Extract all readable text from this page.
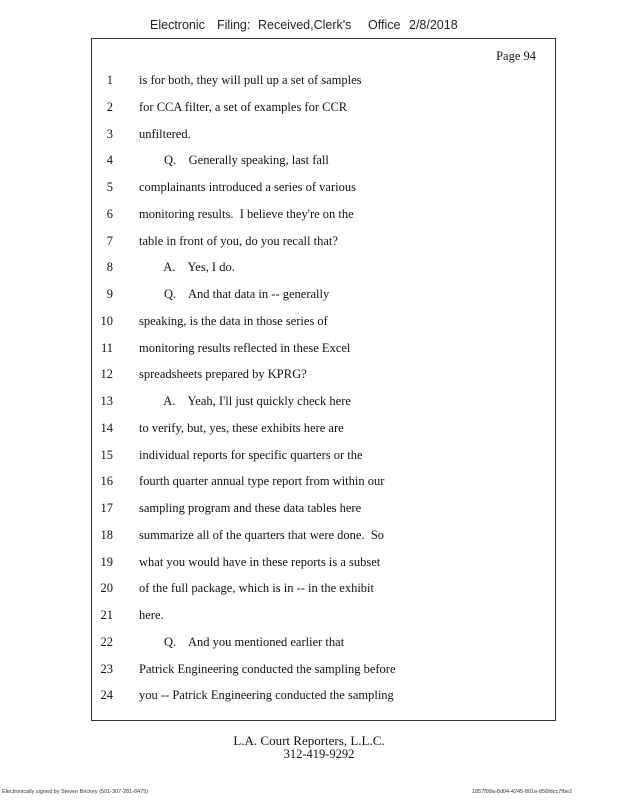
Electronic Filing: Received,Clerk's Office 2/8/2018
Page 94
1 is for both, they will pull up a set of samples
2 for CCA filter, a set of examples for CCR
3 unfiltered.
4 Q.    Generally speaking, last fall
5 complainants introduced a series of various
6 monitoring results.  I believe they're on the
7 table in front of you, do you recall that?
8 A.    Yes, I do.
9 Q.    And that data in -- generally
10 speaking, is the data in those series of
11 monitoring results reflected in these Excel
12 spreadsheets prepared by KPRG?
13 A.    Yeah, I'll just quickly check here
14 to verify, but, yes, these exhibits here are
15 individual reports for specific quarters or the
16 fourth quarter annual type report from within our
17 sampling program and these data tables here
18 summarize all of the quarters that were done.  So
19 what you would have in these reports is a subset
20 of the full package, which is in -- in the exhibit
21 here.
22 Q.    And you mentioned earlier that
23 Patrick Engineering conducted the sampling before
24 you -- Patrick Engineering conducted the sampling
L.A. Court Reporters, L.L.C.
312-419-9292
Electronically signed by Steven Brickey (501-307-281-8475)	1857f99a-8d04-4245-801e-856fdcc7fbe2
